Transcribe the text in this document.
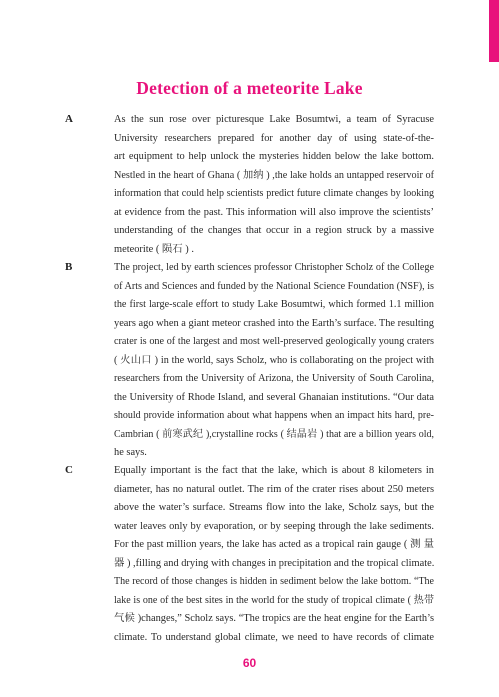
Detection of a meteorite Lake
A	As the sun rose over picturesque Lake Bosumtwi, a team of Syracuse
University researchers prepared for another day of using state-of-the-
art equipment to help unlock the mysteries hidden below the lake bottom.
Nestled in the heart of Ghana ( 加纳 ) ,the lake holds an untapped reservoir of
information that could help scientists predict future climate changes by looking
at evidence from the past. This information will also improve the scientists’
understanding of the changes that occur in a region struck by a massive
meteorite ( 陨石 ) .
B	The project, led by earth sciences professor Christopher Scholz of the College
of Arts and Sciences and funded by the National Science Foundation (NSF), is
the first large-scale effort to study Lake Bosumtwi, which formed 1.1 million
years ago when a giant meteor crashed into the Earth’s surface. The resulting
crater is one of the largest and most well-preserved geologically young craters
( 火山口 ) in the world, says Scholz, who is collaborating on the project with
researchers from the University of Arizona, the University of South Carolina,
the University of Rhode Island, and several Ghanaian institutions. “Our data
should provide information about what happens when an impact hits hard, pre-
Cambrian ( 前寒武纪 ),crystalline rocks ( 结晶岩 ) that are a billion years old,
he says.
C	Equally important is the fact that the lake, which is about 8 kilometers in
diameter, has no natural outlet. The rim of the crater rises about 250 meters
above the water’s surface. Streams flow into the lake, Scholz says, but the
water leaves only by evaporation, or by seeping through the lake sediments.
For the past million years, the lake has acted as a tropical rain gauge ( 测 量
器 ) ,filling and drying with changes in precipitation and the tropical climate.
The record of those changes is hidden in sediment below the lake bottom. “The
lake is one of the best sites in the world for the study of tropical climate ( 热带
气候 )changes,” Scholz says. “The tropics are the heat engine for the Earth’s
climate. To understand global climate, we need to have records of climate
60
